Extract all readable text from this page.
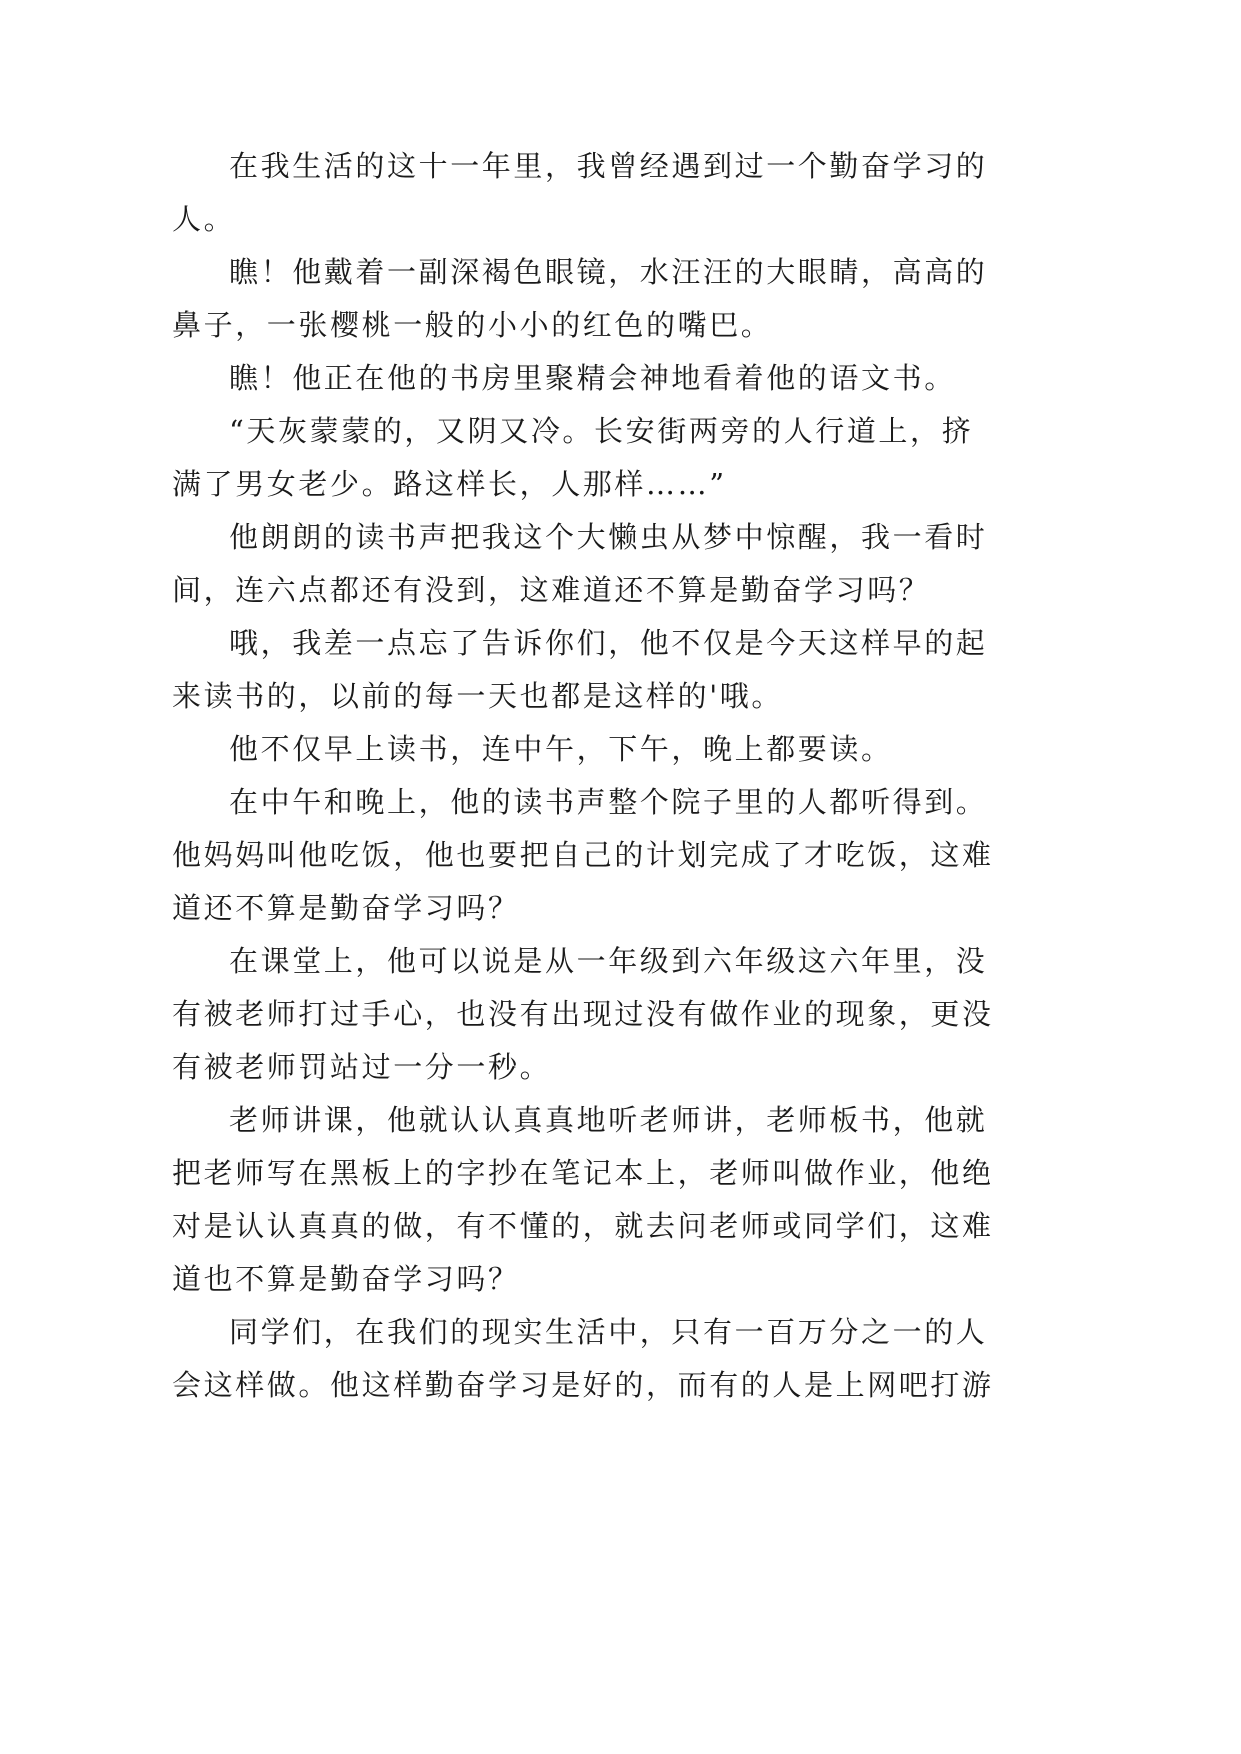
在我生活的这十一年里，我曾经遇到过一个勤奋学习的
人。
瞧！他戴着一副深褐色眼镜，水汪汪的大眼睛，高高的
鼻子，一张樱桃一般的小小的红色的嘴巴。
瞧！他正在他的书房里聚精会神地看着他的语文书。
“天灰蒙蒙的，又阴又冷。长安街两旁的人行道上，挤
满了男女老少。路这样长，人那样……”
他朗朗的读书声把我这个大懒虫从梦中惊醒，我一看时
间，连六点都还有没到，这难道还不算是勤奋学习吗？
哦，我差一点忘了告诉你们，他不仅是今天这样早的起
来读书的，以前的每一天也都是这样的'哦。
他不仅早上读书，连中午，下午，晚上都要读。
在中午和晚上，他的读书声整个院子里的人都听得到。
他妈妈叫他吃饭，他也要把自己的计划完成了才吃饭，这难
道还不算是勤奋学习吗？
在课堂上，他可以说是从一年级到六年级这六年里，没
有被老师打过手心，也没有出现过没有做作业的现象，更没
有被老师罚站过一分一秒。
老师讲课，他就认认真真地听老师讲，老师板书，他就
把老师写在黑板上的字抄在笔记本上，老师叫做作业，他绝
对是认认真真的做，有不懂的，就去问老师或同学们，这难
道也不算是勤奋学习吗？
同学们，在我们的现实生活中，只有一百万分之一的人
会这样做。他这样勤奋学习是好的，而有的人是上网吧打游
